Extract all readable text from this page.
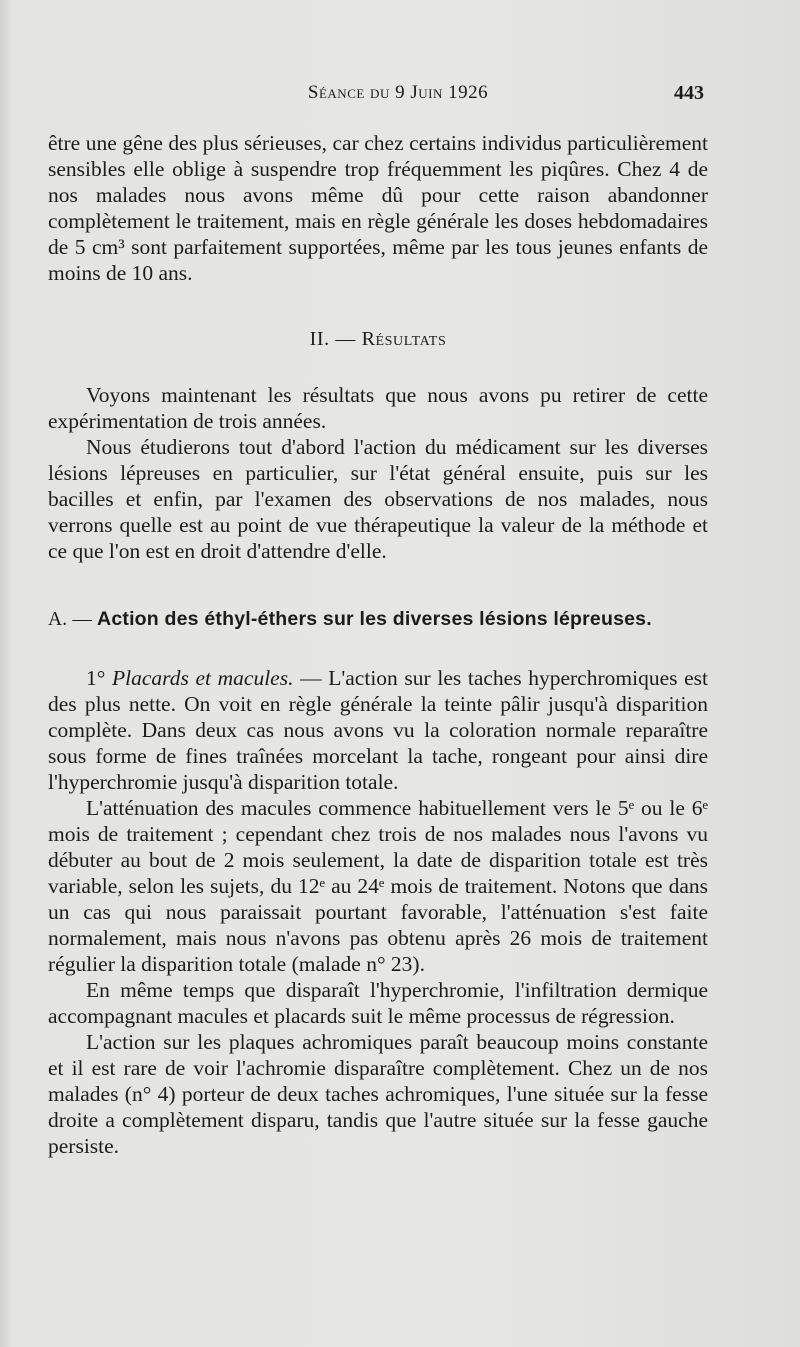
Séance du 9 Juin 1926	443

être une gêne des plus sérieuses, car chez certains individus particulièrement sensibles elle oblige à suspendre trop fréquemment les piqûres. Chez 4 de nos malades nous avons même dû pour cette raison abandonner complètement le traitement, mais en règle générale les doses hebdomadaires de 5 cm³ sont parfaitement supportées, même par les tous jeunes enfants de moins de 10 ans.

II. — Résultats

Voyons maintenant les résultats que nous avons pu retirer de cette expérimentation de trois années.

Nous étudierons tout d'abord l'action du médicament sur les diverses lésions lépreuses en particulier, sur l'état général ensuite, puis sur les bacilles et enfin, par l'examen des observations de nos malades, nous verrons quelle est au point de vue thérapeutique la valeur de la méthode et ce que l'on est en droit d'attendre d'elle.

A. — Action des éthyl-éthers sur les diverses lésions lépreuses.

1° Placards et macules. — L'action sur les taches hyperchromiques est des plus nette. On voit en règle générale la teinte pâlir jusqu'à disparition complète. Dans deux cas nous avons vu la coloration normale reparaître sous forme de fines traînées morcelant la tache, rongeant pour ainsi dire l'hyperchromie jusqu'à disparition totale.

L'atténuation des macules commence habituellement vers le 5ᵉ ou le 6ᵉ mois de traitement ; cependant chez trois de nos malades nous l'avons vu débuter au bout de 2 mois seulement, la date de disparition totale est très variable, selon les sujets, du 12ᵉ au 24ᵉ mois de traitement. Notons que dans un cas qui nous paraissait pourtant favorable, l'atténuation s'est faite normalement, mais nous n'avons pas obtenu après 26 mois de traitement régulier la disparition totale (malade n° 23).

En même temps que disparaît l'hyperchromie, l'infiltration dermique accompagnant macules et placards suit le même processus de régression.

L'action sur les plaques achromiques paraît beaucoup moins constante et il est rare de voir l'achromie disparaître complètement. Chez un de nos malades (n° 4) porteur de deux taches achromiques, l'une située sur la fesse droite a complètement disparu, tandis que l'autre située sur la fesse gauche persiste.
